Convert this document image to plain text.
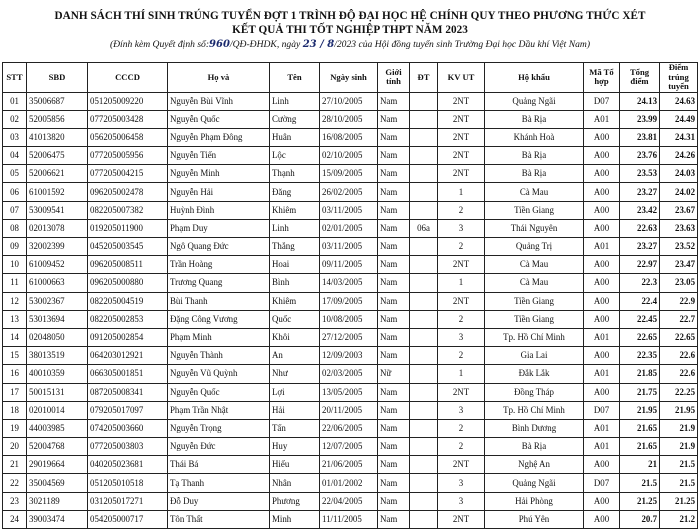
DANH SÁCH THÍ SINH TRÚNG TUYỂN ĐỢT 1 TRÌNH ĐỘ ĐẠI HỌC HỆ CHÍNH QUY THEO PHƯƠNG THỨC XÉT
KẾT QUẢ THI TỐT NGHIỆP THPT NĂM 2023
(Đính kèm Quyết định số:960/QĐ-ĐHDK, ngày 23 / 8/2023 của Hội đồng tuyển sinh Trường Đại học Dầu khí Việt Nam)
STT	SBD	CCCD	Họ và	Tên	Ngày sinh	Giới tính	ĐT	KV UT	Hộ khẩu	Mã Tổ hợp	Tổng điểm	Điểm trúng tuyển
01	35006687	051205009220	Nguyễn Bùi Vĩnh	Linh	27/10/2005	Nam		2NT	Quảng Ngãi	D07	24.13	24.63
02	52005856	077205003428	Nguyễn Quốc	Cường	28/10/2005	Nam		2NT	Bà Rịa	A01	23.99	24.49
03	41013820	056205006458	Nguyễn Phạm Đông	Huân	16/08/2005	Nam		2NT	Khánh Hoà	A00	23.81	24.31
04	52006475	077205005956	Nguyễn Tiến	Lộc	02/10/2005	Nam		2NT	Bà Rịa	A00	23.76	24.26
05	52006621	077205004215	Nguyễn Minh	Thạnh	15/09/2005	Nam		2NT	Bà Rịa	A00	23.53	24.03
06	61001592	096205002478	Nguyễn Hải	Đăng	26/02/2005	Nam		1	Cà Mau	A00	23.27	24.02
07	53009541	082205007382	Huỳnh Đình	Khiêm	03/11/2005	Nam		2	Tiền Giang	A00	23.42	23.67
08	02013078	019205011900	Phạm Duy	Linh	02/01/2005	Nam	06a	3	Thái Nguyên	A00	22.63	23.63
09	32002399	045205003545	Ngô Quang Đức	Thắng	03/11/2005	Nam		2	Quảng Trị	A01	23.27	23.52
10	61009452	096205008511	Trần Hoàng	Hoai	09/11/2005	Nam		2NT	Cà Mau	A00	22.97	23.47
11	61000663	096205000880	Trương Quang	Bình	14/03/2005	Nam		1	Cà Mau	A00	22.3	23.05
12	53002367	082205004519	Bùi Thanh	Khiêm	17/09/2005	Nam		2NT	Tiền Giang	A00	22.4	22.9
13	53013694	082205002853	Đặng Công Vương	Quốc	10/08/2005	Nam		2	Tiền Giang	A00	22.45	22.7
14	02048050	091205002854	Phạm Minh	Khôi	27/12/2005	Nam		3	Tp. Hồ Chí Minh	A01	22.65	22.65
15	38013519	064203012921	Nguyễn Thành	An	12/09/2003	Nam		2	Gia Lai	A00	22.35	22.6
16	40010359	066305001851	Nguyễn Vũ Quỳnh	Như	02/03/2005	Nữ		1	Đắk Lắk	A01	21.85	22.6
17	50015131	087205008341	Nguyễn Quốc	Lợi	13/05/2005	Nam		2NT	Đồng Tháp	A00	21.75	22.25
18	02010014	079205017097	Phạm Trần Nhật	Hải	20/11/2005	Nam		3	Tp. Hồ Chí Minh	D07	21.95	21.95
19	44003985	074205003660	Nguyễn Trọng	Tấn	22/06/2005	Nam		2	Bình Dương	A01	21.65	21.9
20	52004768	077205003803	Nguyễn Đức	Huy	12/07/2005	Nam		2	Bà Rịa	A01	21.65	21.9
21	29019664	040205023681	Thái Bá	Hiếu	21/06/2005	Nam		2NT	Nghệ An	A00	21	21.5
22	35004569	051205010518	Tạ Thanh	Nhân	01/01/2002	Nam		3	Quảng Ngãi	D07	21.5	21.5
23	3021189	031205017271	Đỗ Duy	Phương	22/04/2005	Nam		3	Hải Phòng	A00	21.25	21.25
24	39003474	054205000717	Tôn Thất	Minh	11/11/2005	Nam		2NT	Phú Yên	A00	20.7	21.2
